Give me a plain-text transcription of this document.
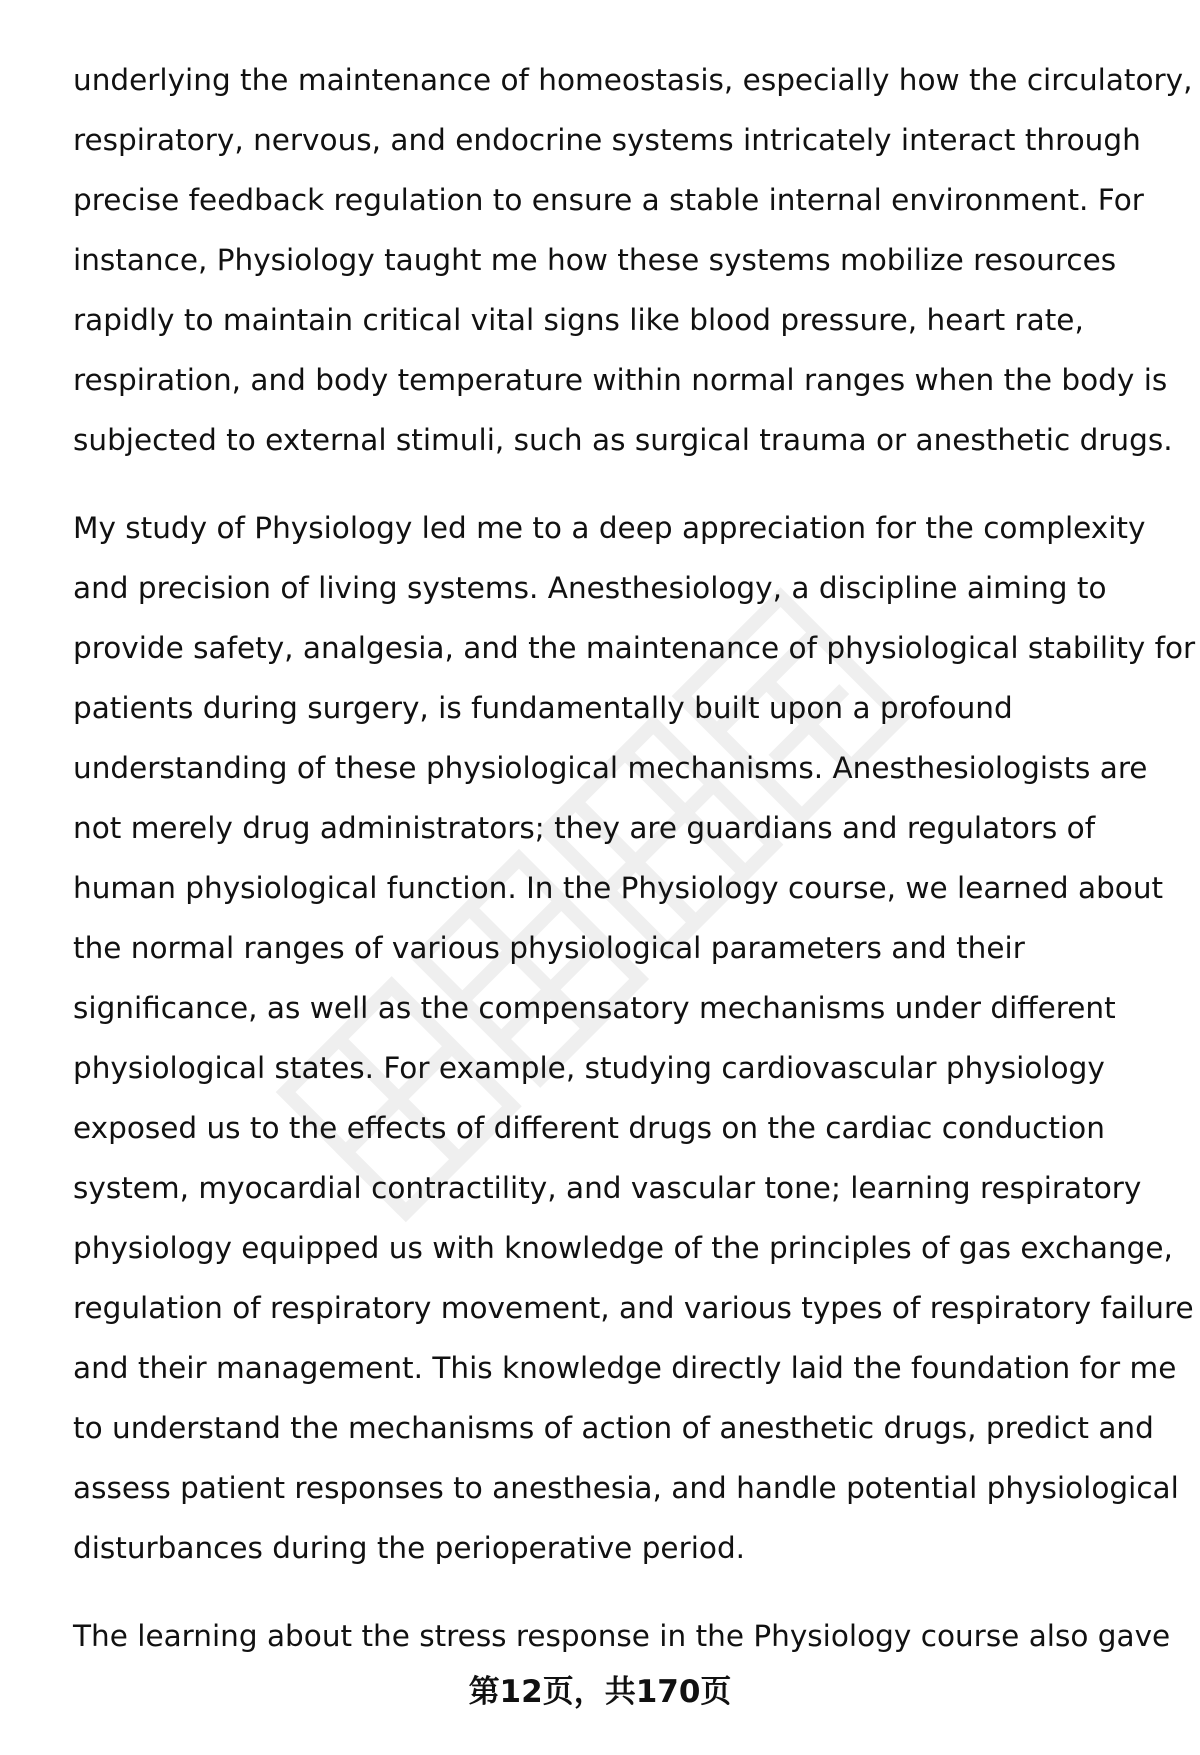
underlying the maintenance of homeostasis, especially how the circulatory,
respiratory, nervous, and endocrine systems intricately interact through
precise feedback regulation to ensure a stable internal environment. For
instance, Physiology taught me how these systems mobilize resources
rapidly to maintain critical vital signs like blood pressure, heart rate,
respiration, and body temperature within normal ranges when the body is
subjected to external stimuli, such as surgical trauma or anesthetic drugs.

My study of Physiology led me to a deep appreciation for the complexity
and precision of living systems. Anesthesiology, a discipline aiming to
provide safety, analgesia, and the maintenance of physiological stability for
patients during surgery, is fundamentally built upon a profound
understanding of these physiological mechanisms. Anesthesiologists are
not merely drug administrators; they are guardians and regulators of
human physiological function. In the Physiology course, we learned about
the normal ranges of various physiological parameters and their
significance, as well as the compensatory mechanisms under different
physiological states. For example, studying cardiovascular physiology
exposed us to the effects of different drugs on the cardiac conduction
system, myocardial contractility, and vascular tone; learning respiratory
physiology equipped us with knowledge of the principles of gas exchange,
regulation of respiratory movement, and various types of respiratory failure
and their management. This knowledge directly laid the foundation for me
to understand the mechanisms of action of anesthetic drugs, predict and
assess patient responses to anesthesia, and handle potential physiological
disturbances during the perioperative period.

The learning about the stress response in the Physiology course also gave

第12页，共170页
